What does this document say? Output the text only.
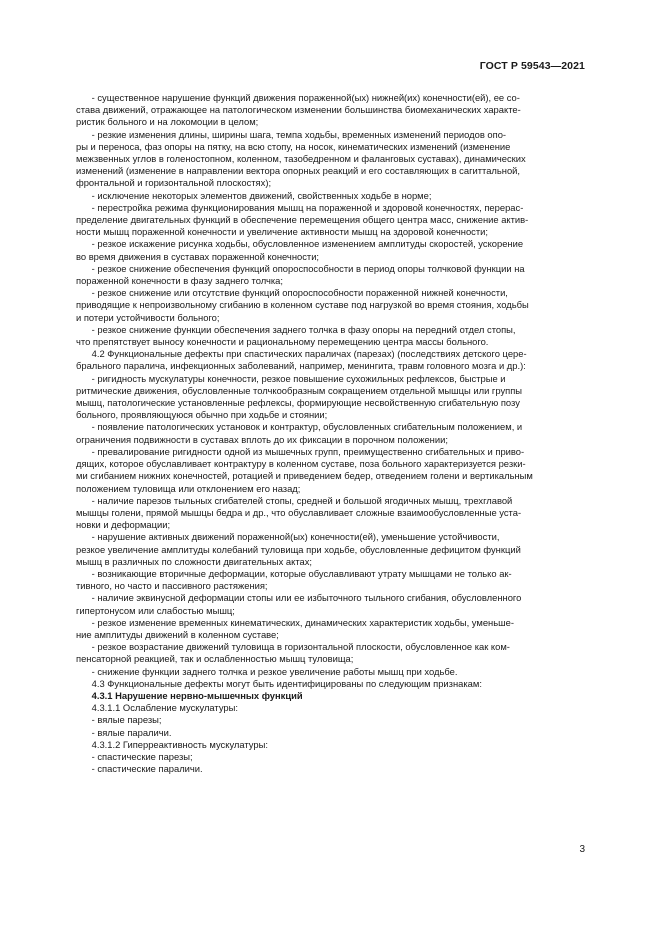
ГОСТ Р 59543—2021
- существенное нарушение функций движения пораженной(ых) нижней(их) конечности(ей), ее со-
става движений, отражающее на патологическом изменении большинства биомеханических характе-
ристик больного и на локомоции в целом;
- резкие изменения длины, ширины шага, темпа ходьбы, временных изменений периодов опо-
ры и переноса, фаз опоры на пятку, на всю стопу, на носок, кинематических изменений (изменение
межзвенных углов в голеностопном, коленном, тазобедренном и фаланговых суставах), динамических
изменений (изменение в направлении вектора опорных реакций и его составляющих в сагиттальной,
фронтальной и горизонтальной плоскостях);
- исключение некоторых элементов движений, свойственных ходьбе в норме;
- перестройка режима функционирования мышц на пораженной и здоровой конечностях, перерас-
пределение двигательных функций в обеспечение перемещения общего центра масс, снижение актив-
ности мышц пораженной конечности и увеличение активности мышц на здоровой конечности;
- резкое искажение рисунка ходьбы, обусловленное изменением амплитуды скоростей, ускорение
во время движения в суставах пораженной конечности;
- резкое снижение обеспечения функций опороспособности в период опоры толчковой функции на
пораженной конечности в фазу заднего толчка;
- резкое снижение или отсутствие функций опороспособности пораженной нижней конечности,
приводящие к непроизвольному сгибанию в коленном суставе под нагрузкой во время стояния, ходьбы
и потери устойчивости больного;
- резкое снижение функции обеспечения заднего толчка в фазу опоры на передний отдел стопы,
что препятствует выносу конечности и рациональному перемещению центра массы больного.
4.2 Функциональные дефекты при спастических параличах (парезах) (последствиях детского цере-
брального паралича, инфекционных заболеваний, например, менингита, травм головного мозга и др.):
- ригидность мускулатуры конечности, резкое повышение сухожильных рефлексов, быстрые и
ритмические движения, обусловленные толчкообразным сокращением отдельной мышцы или группы
мышц, патологические установленные рефлексы, формирующие несвойственную сгибательную позу
больного, проявляющуюся обычно при ходьбе и стоянии;
- появление патологических установок и контрактур, обусловленных сгибательным положением, и
ограничения подвижности в суставах вплоть до их фиксации в порочном положении;
- превалирование ригидности одной из мышечных групп, преимущественно сгибательных и приво-
дящих, которое обуславливает контрактуру в коленном суставе, поза больного характеризуется резки-
ми сгибанием нижних конечностей, ротацией и приведением бедер, отведением голени и вертикальным
положением туловища или отклонением его назад;
- наличие парезов тыльных сгибателей стопы, средней и большой ягодичных мышц, трехглавой
мышцы голени, прямой мышцы бедра и др., что обуславливает сложные взаимообусловленные уста-
новки и деформации;
- нарушение активных движений пораженной(ых) конечности(ей), уменьшение устойчивости,
резкое увеличение амплитуды колебаний туловища при ходьбе, обусловленные дефицитом функций
мышц в различных по сложности двигательных актах;
- возникающие вторичные деформации, которые обуславливают утрату мышцами не только ак-
тивного, но часто и пассивного растяжения;
- наличие эквинусной деформации стопы или ее избыточного тыльного сгибания, обусловленного
гипертонусом или слабостью мышц;
- резкое изменение временных кинематических, динамических характеристик ходьбы, уменьше-
ние амплитуды движений в коленном суставе;
- резкое возрастание движений туловища в горизонтальной плоскости, обусловленное как ком-
пенсаторной реакцией, так и ослабленностью мышц туловища;
- снижение функции заднего толчка и резкое увеличение работы мышц при ходьбе.
4.3 Функциональные дефекты могут быть идентифицированы по следующим признакам:
4.3.1 Нарушение нервно-мышечных функций
4.3.1.1 Ослабление мускулатуры:
- вялые парезы;
- вялые параличи.
4.3.1.2 Гиперреактивность мускулатуры:
- спастические парезы;
- спастические параличи.
3
